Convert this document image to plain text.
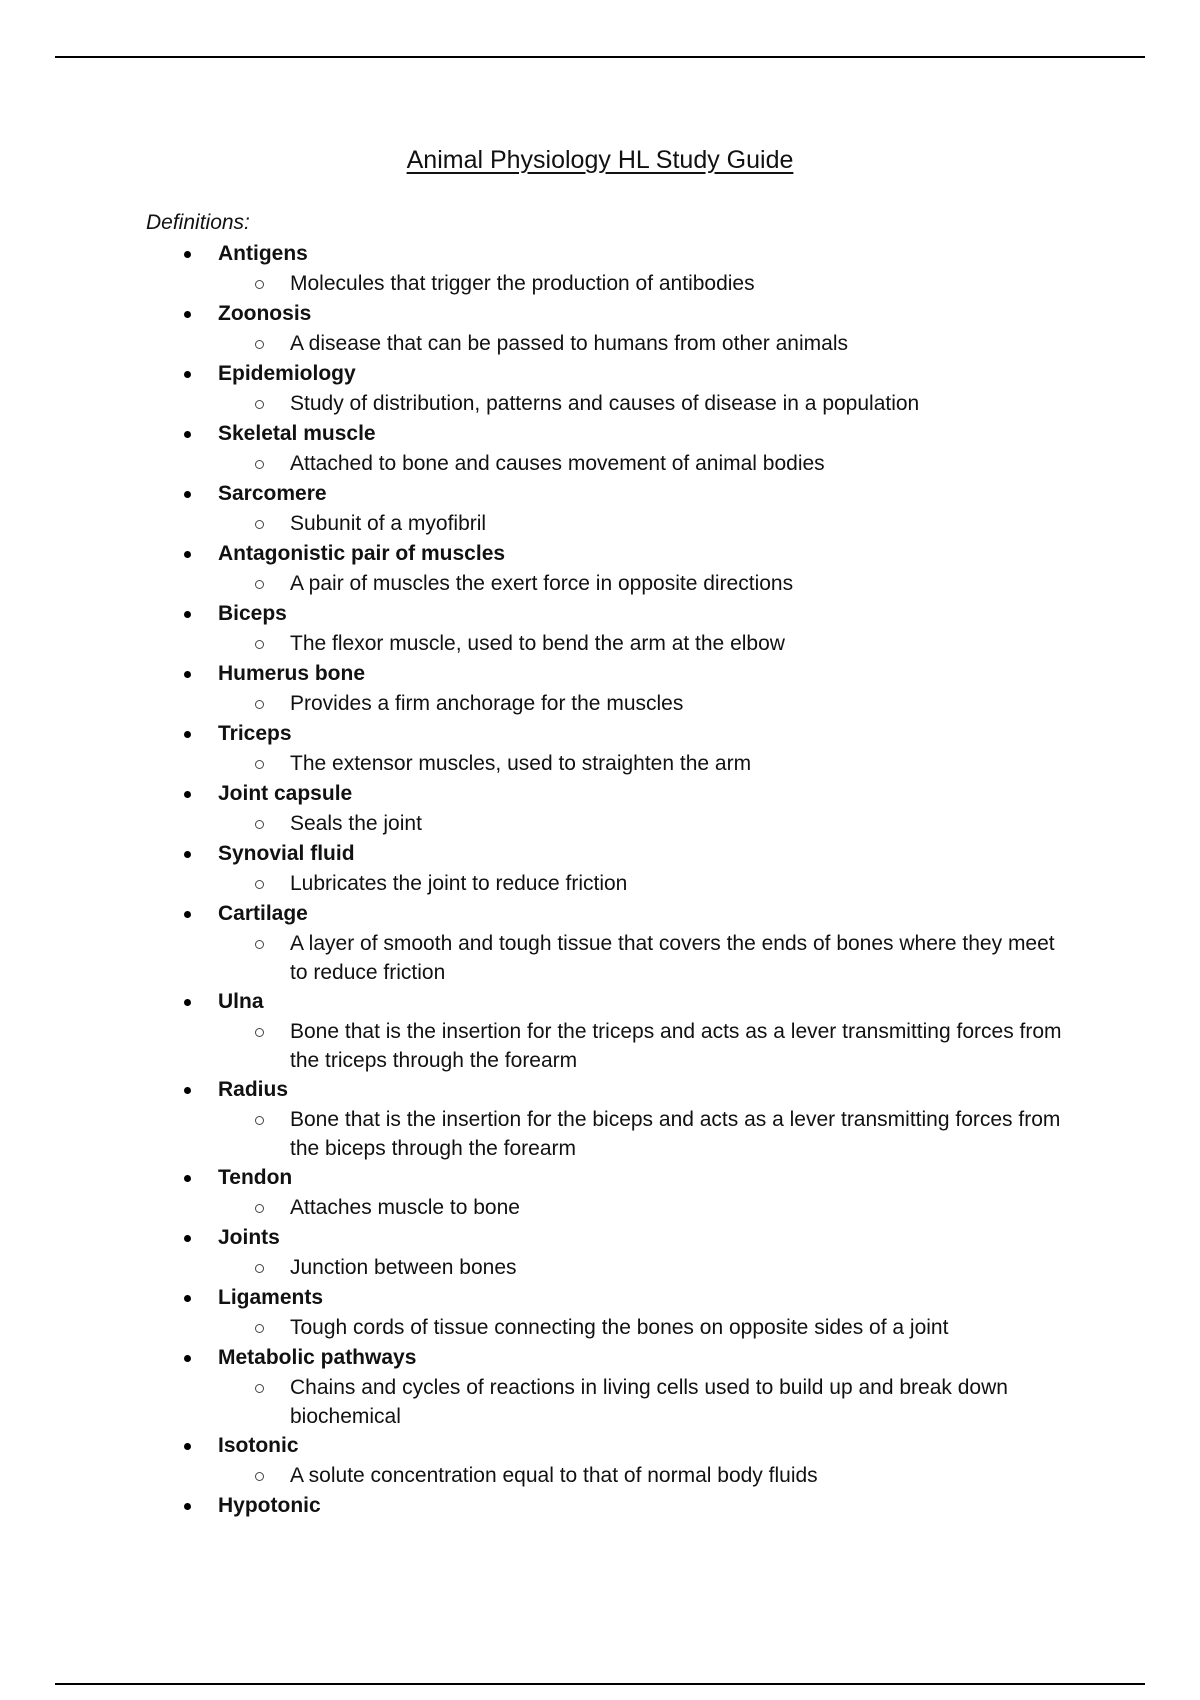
Animal Physiology HL Study Guide
Definitions:
Antigens
Molecules that trigger the production of antibodies
Zoonosis
A disease that can be passed to humans from other animals
Epidemiology
Study of distribution, patterns and causes of disease in a population
Skeletal muscle
Attached to bone and causes movement of animal bodies
Sarcomere
Subunit of a myofibril
Antagonistic pair of muscles
A pair of muscles the exert force in opposite directions
Biceps
The flexor muscle, used to bend the arm at the elbow
Humerus bone
Provides a firm anchorage for the muscles
Triceps
The extensor muscles, used to straighten the arm
Joint capsule
Seals the joint
Synovial fluid
Lubricates the joint to reduce friction
Cartilage
A layer of smooth and tough tissue that covers the ends of bones where they meet to reduce friction
Ulna
Bone that is the insertion for the triceps and acts as a lever transmitting forces from the triceps through the forearm
Radius
Bone that is the insertion for the biceps and acts as a lever transmitting forces from the biceps through the forearm
Tendon
Attaches muscle to bone
Joints
Junction between bones
Ligaments
Tough cords of tissue connecting the bones on opposite sides of a joint
Metabolic pathways
Chains and cycles of reactions in living cells used to build up and break down biochemical
Isotonic
A solute concentration equal to that of normal body fluids
Hypotonic
